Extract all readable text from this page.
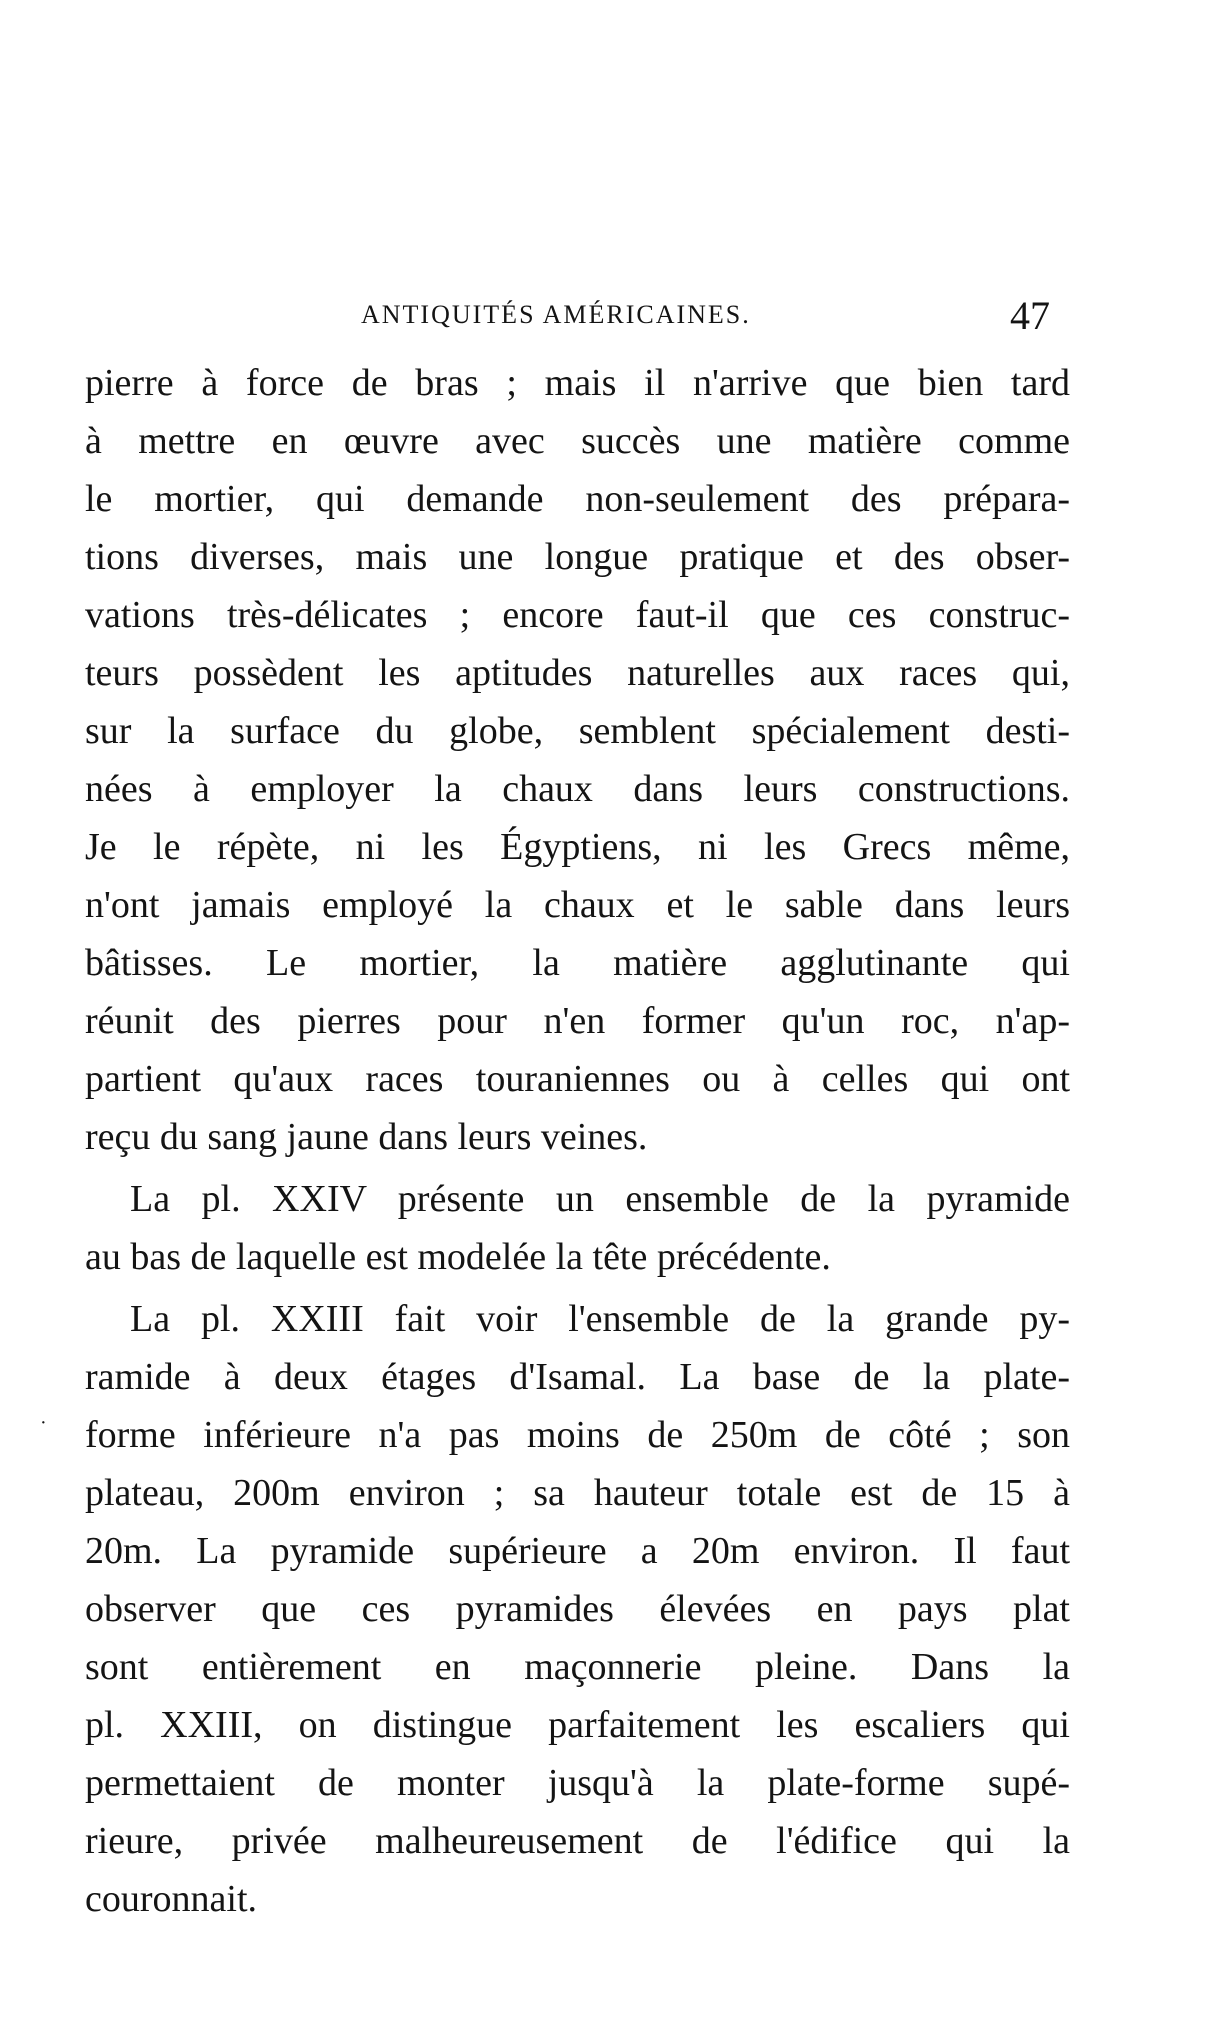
ANTIQUITÉS AMÉRICAINES.	47
·
pierre à force de bras ; mais il n'arrive que bien tard
à mettre en œuvre avec succès une matière comme
le mortier, qui demande non-seulement des prépara-
tions diverses, mais une longue pratique et des obser-
vations très-délicates ; encore faut-il que ces construc-
teurs possèdent les aptitudes naturelles aux races qui,
sur la surface du globe, semblent spécialement desti-
nées à employer la chaux dans leurs constructions.
Je le répète, ni les Égyptiens, ni les Grecs même,
n'ont jamais employé la chaux et le sable dans leurs
bâtisses. Le mortier, la matière agglutinante qui
réunit des pierres pour n'en former qu'un roc, n'ap-
partient qu'aux races touraniennes ou à celles qui ont
reçu du sang jaune dans leurs veines.
La pl. XXIV présente un ensemble de la pyramide
au bas de laquelle est modelée la tête précédente.
La pl. XXIII fait voir l'ensemble de la grande py-
ramide à deux étages d'Isamal. La base de la plate-
forme inférieure n'a pas moins de 250m de côté ; son
plateau, 200m environ ; sa hauteur totale est de 15 à
20m. La pyramide supérieure a 20m environ. Il faut
observer que ces pyramides élevées en pays plat
sont entièrement en maçonnerie pleine. Dans la
pl. XXIII, on distingue parfaitement les escaliers qui
permettaient de monter jusqu'à la plate-forme supé-
rieure, privée malheureusement de l'édifice qui la
couronnait.
